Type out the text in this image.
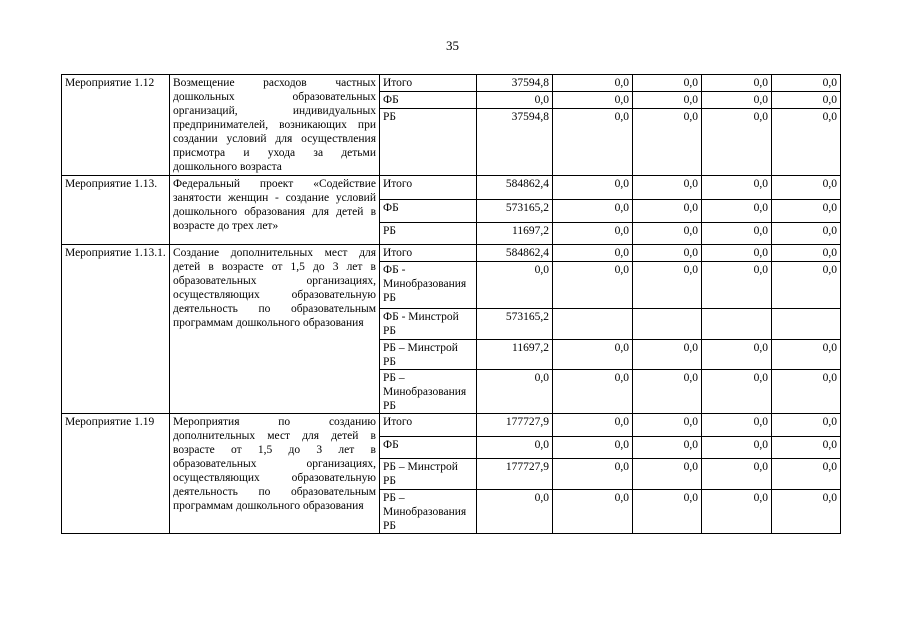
35
Мероприятие 1.12	Возмещение расходов частных дошкольных образовательных организаций, индивидуальных предпринимателей, возникающих при создании условий для осуществления присмотра и ухода за детьми дошкольного возраста	Итого	37594,8	0,0	0,0	0,0	0,0
		ФБ	0,0	0,0	0,0	0,0	0,0
		РБ	37594,8	0,0	0,0	0,0	0,0
Мероприятие 1.13.	Федеральный проект «Содействие занятости женщин - создание условий дошкольного образования для детей в возрасте до трех лет»	Итого	584862,4	0,0	0,0	0,0	0,0
		ФБ	573165,2	0,0	0,0	0,0	0,0
		РБ	11697,2	0,0	0,0	0,0	0,0
Мероприятие 1.13.1.	Создание дополнительных мест для детей в возрасте от 1,5 до 3 лет в образовательных организациях, осуществляющих образовательную деятельность по образовательным программам дошкольного образования	Итого	584862,4	0,0	0,0	0,0	0,0
		ФБ - Минобразования РБ	0,0	0,0	0,0	0,0	0,0
		ФБ - Минстрой РБ	573165,2				
		РБ – Минстрой РБ	11697,2	0,0	0,0	0,0	0,0
		РБ – Минобразования РБ	0,0	0,0	0,0	0,0	0,0
Мероприятие 1.19	Мероприятия по созданию дополнительных мест для детей в возрасте от 1,5 до 3 лет в образовательных организациях, осуществляющих образовательную деятельность по образовательным программам дошкольного образования	Итого	177727,9	0,0	0,0	0,0	0,0
		ФБ	0,0	0,0	0,0	0,0	0,0
		РБ – Минстрой РБ	177727,9	0,0	0,0	0,0	0,0
		РБ – Минобразования РБ	0,0	0,0	0,0	0,0	0,0
